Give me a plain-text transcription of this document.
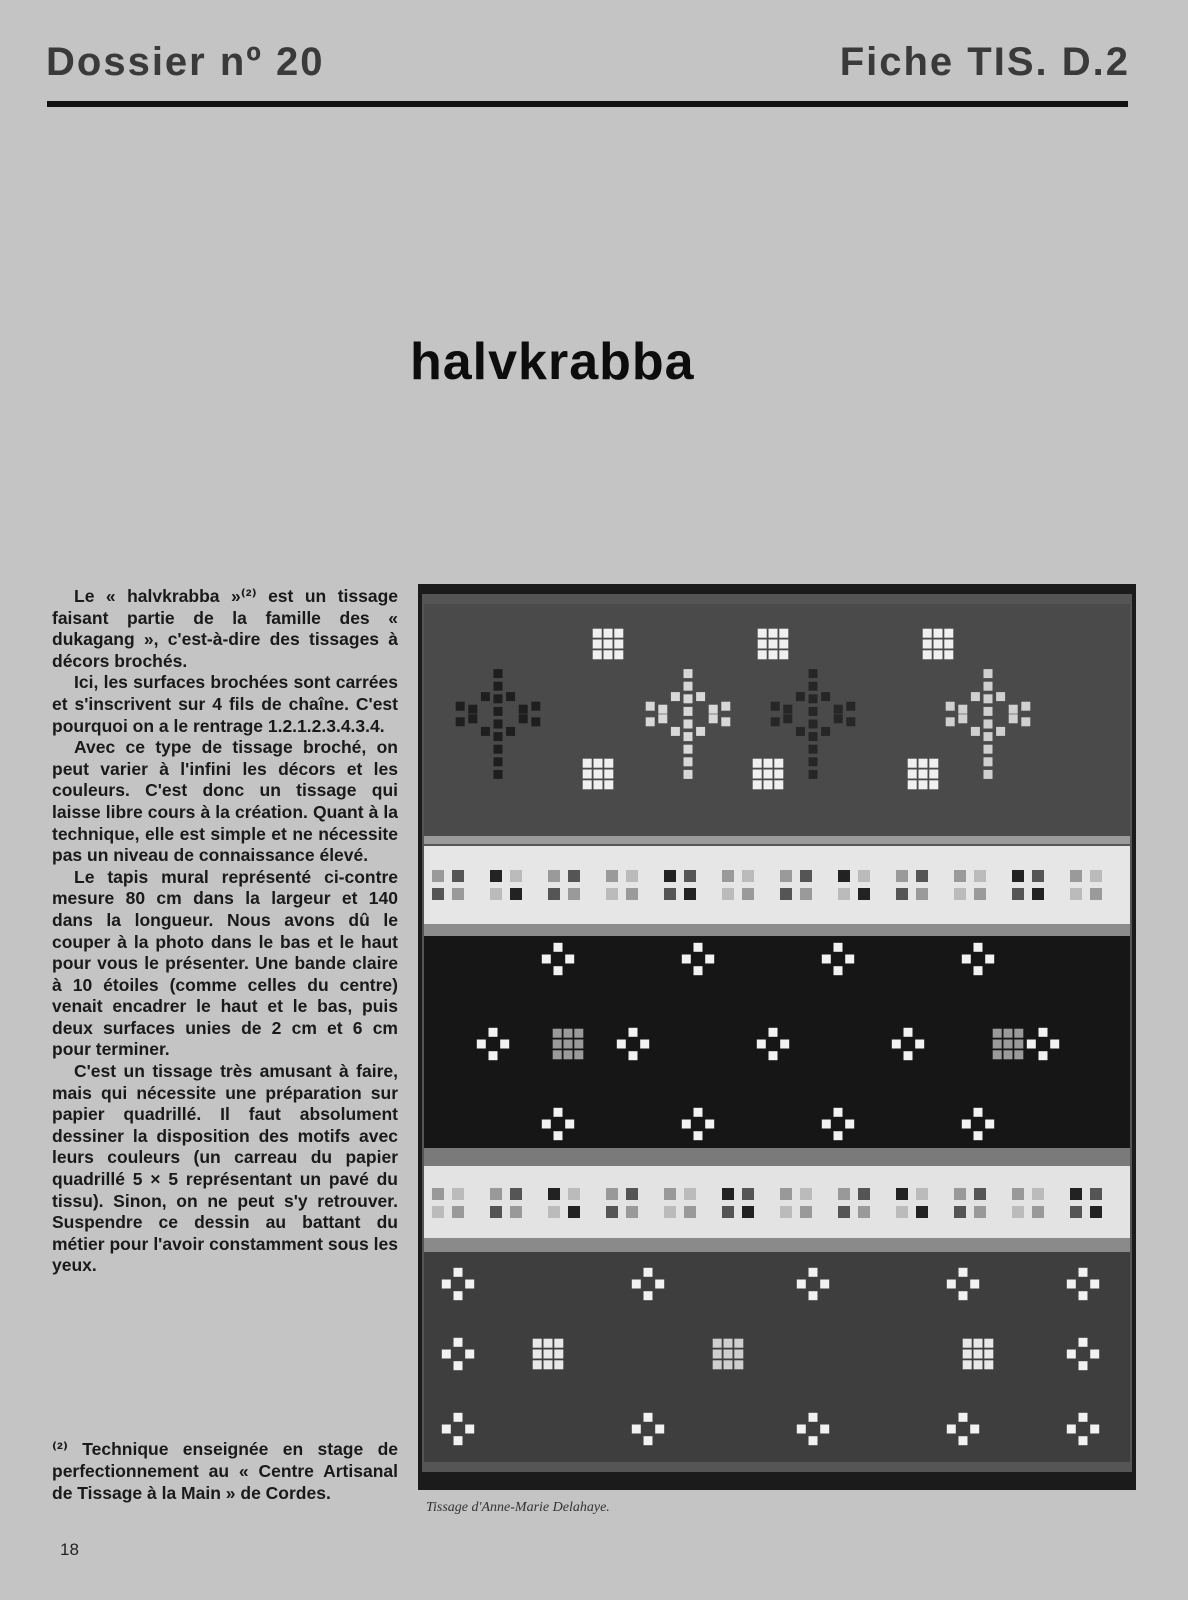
Dossier nº 20	Fiche TIS. D.2
halvkrabba

Le « halvkrabba »⁽²⁾ est un tissage faisant partie de la famille des « dukagang », c'est-à-dire des tissages à décors brochés.

Ici, les surfaces brochées sont carrées et s'inscrivent sur 4 fils de chaîne. C'est pourquoi on a le rentrage 1.2.1.2.3.4.3.4.

Avec ce type de tissage broché, on peut varier à l'infini les décors et les couleurs. C'est donc un tissage qui laisse libre cours à la création. Quant à la technique, elle est simple et ne nécessite pas un niveau de connaissance élevé.

Le tapis mural représenté ci-contre mesure 80 cm dans la largeur et 140 dans la longueur. Nous avons dû le couper à la photo dans le bas et le haut pour vous le présenter. Une bande claire à 10 étoiles (comme celles du centre) venait encadrer le haut et le bas, puis deux surfaces unies de 2 cm et 6 cm pour terminer.

C'est un tissage très amusant à faire, mais qui nécessite une préparation sur papier quadrillé. Il faut absolument dessiner la disposition des motifs avec leurs couleurs (un carreau du papier quadrillé 5 × 5 représentant un pavé du tissu). Sinon, on ne peut s'y retrouver. Suspendre ce dessin au battant du métier pour l'avoir constamment sous les yeux.

⁽²⁾ Technique enseignée en stage de perfectionnement au « Centre Artisanal de Tissage à la Main » de Cordes.
Tissage d'Anne-Marie Delahaye.
18
